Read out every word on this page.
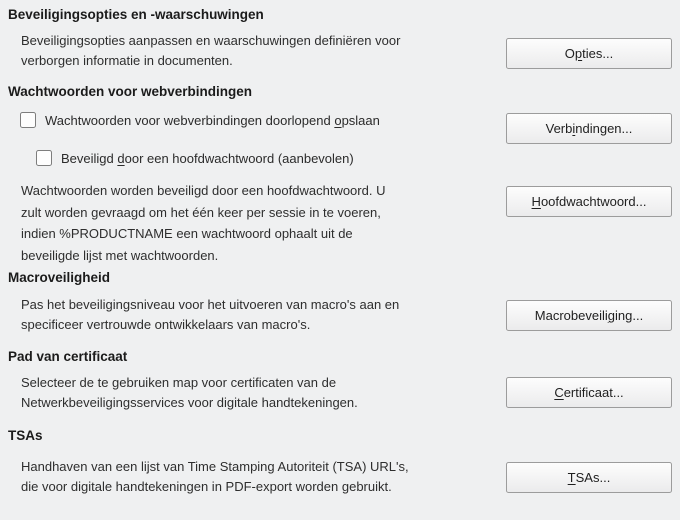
Beveiligingsopties en -waarschuwingen
Beveiligingsopties aanpassen en waarschuwingen definiëren voor
verborgen informatie in documenten.	Opties...
Wachtwoorden voor webverbindingen
Wachtwoorden voor webverbindingen doorlopend opslaan
Verbindingen...
Beveiligd door een hoofdwachtwoord (aanbevolen)
Wachtwoorden worden beveiligd door een hoofdwachtwoord. U
zult worden gevraagd om het één keer per sessie in te voeren,
indien %PRODUCTNAME een wachtwoord ophaalt uit de
beveiligde lijst met wachtwoorden.
Hoofdwachtwoord...
Macroveiligheid
Pas het beveiligingsniveau voor het uitvoeren van macro's aan en
specificeer vertrouwde ontwikkelaars van macro's.
Macrobeveiliging...
Pad van certificaat
Selecteer de te gebruiken map voor certificaten van de
Netwerkbeveiligingsservices voor digitale handtekeningen.
Certificaat...
TSAs
Handhaven van een lijst van Time Stamping Autoriteit (TSA) URL's,
die voor digitale handtekeningen in PDF-export worden gebruikt.
TSAs...
